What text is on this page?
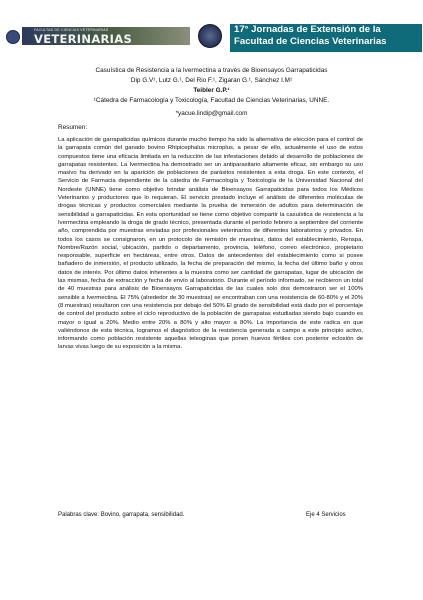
FACULTAD DE CIENCIAS VETERINARIAS
VETERINARIAS
17° Jornadas de Extensión de la
Facultad de Ciencias Veterinarias
Casuística de Resistencia a la Ivermectina a través de Bioensayos Garrapaticidas
Dip G.V¹, Lutz G.¹, Del Rio F.¹, Zigaran G.¹, Sánchez I.M¹
Teibler G.P.¹
¹Cátedra de Farmacología y Toxicología, Facultad de Ciencias Veterinarias, UNNE.
*yacue.lindip@gmail.com
Resumen:
La aplicación de garrapaticidas químicos durante mucho tiempo ha sido la alternativa de elección para el control de la garrapata común del ganado bovino Rhipicephalus microplus, a pesar de ello, actualmente el uso de estos compuestos tiene una eficacia limitada en la reducción de las infestaciones debido al desarrollo de poblaciones de garrapatas resistentes. La Ivermectina ha demostrado ser un antiparasitario altamente eficaz, sin embargo su uso masivo ha derivado en la aparición de poblaciones de parásitos resistentes a esta droga. En este contexto, el Servicio de Farmacia dependiente de la cátedra de Farmacología y Toxicología de la Universidad Nacional del Nordeste (UNNE) tiene como objetivo brindar análisis de Bioensayos Garrapaticidas para todos los Médicos Veterinarios y productores que lo requieran. El servicio prestado incluye el análisis de diferentes moléculas de drogas técnicas y productos comerciales mediante la prueba de inmersión de adultos para determinación de sensibilidad a garrapaticidas. En esta oportunidad se tiene como objetivo compartir la casuística de resistencia a la Ivermectina empleando la droga de grado técnico, presentada durante el período febrero a septiembre del corriente año, comprendida por muestras enviadas por profesionales veterinarios de diferentes laboratorios y privados. En todos los casos se consignaron, en un protocolo de remisión de muestras, datos del establecimiento, Renspa, Nombre/Razón social, ubicación, partido o departamento, provincia, teléfono, correo electrónico, propietario responsable, superficie en hectáreas, entre otros. Datos de antecedentes del establecimiento como si posee bañadero de inmersión, el producto utilizado, la fecha de preparación del mismo, la fecha del último baño y otros datos de interés. Por último datos inherentes a la muestra como ser cantidad de garrapatas, lugar de ubicación de las mismas, fecha de extracción y fecha de envío al laboratorio. Durante el período informado, se recibieron un total de 40 muestras para análisis de Bioensayos Garrapaticidas de las cuales solo dos demostraron ser el 100% sensible a Ivermectina. El 75% (alrededor de 30 muestras) se encontraban con una resistencia de 60-80% y el 20% (8 muestras) resultaron con una resistencia por debajo del 50% El grado de sensibilidad está dado por el porcentaje de control del producto sobre el ciclo reproductivo de la población de garrapatas estudiadas siendo bajo cuando es mayor o igual a 20%. Medio entre 20% a 80% y alto mayor a 80%. La importancia de este radica en que valiéndonos de esta técnica, logramos el diagnóstico de la resistencia generada a campo a este principio activo, informando como población resistente aquellas teleoginas que ponen huevos fértiles con posterior eclosión de larvas vivas luego de su exposición a la misma.
Palabras clave: Bovino, garrapata, sensibilidad.	Eje 4 Servicios
